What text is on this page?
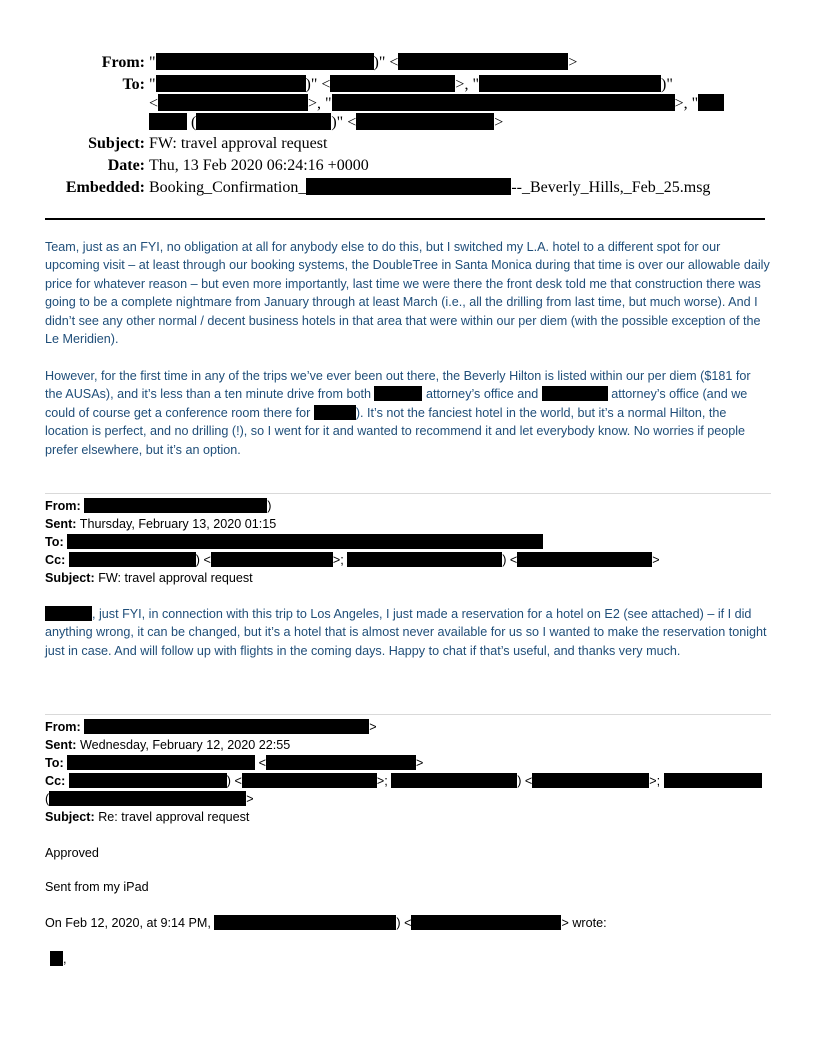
From: "	)" <	>
To: "	)" <	>, "	)"
<	>, "	>, "
(	)" <	>
Subject: FW: travel approval request
Date: Thu, 13 Feb 2020 06:24:16 +0000
Embedded: Booking_Confirmation_	--_Beverly_Hills,_Feb_25.msg
Team, just as an FYI, no obligation at all for anybody else to do this, but I switched my L.A. hotel to a different spot for our upcoming visit – at least through our booking systems, the DoubleTree in Santa Monica during that time is over our allowable daily price for whatever reason – but even more importantly, last time we were there the front desk told me that construction there was going to be a complete nightmare from January through at least March (i.e., all the drilling from last time, but much worse). And I didn’t see any other normal / decent business hotels in that area that were within our per diem (with the possible exception of the Le Meridien).
However, for the first time in any of the trips we’ve ever been out there, the Beverly Hilton is listed within our per diem ($181 for the AUSAs), and it’s less than a ten minute drive from both	attorney’s office and	attorney’s office (and we could of course get a conference room there for	). It’s not the fanciest hotel in the world, but it’s a normal Hilton, the location is perfect, and no drilling (!), so I went for it and wanted to recommend it and let everybody know. No worries if people prefer elsewhere, but it’s an option.
From:	)
Sent: Thursday, February 13, 2020 01:15
To:
Cc:	) <	>;	) <	>
Subject: FW: travel approval request
, just FYI, in connection with this trip to Los Angeles, I just made a reservation for a hotel on E2 (see attached) – if I did anything wrong, it can be changed, but it’s a hotel that is almost never available for us so I wanted to make the reservation tonight just in case. And will follow up with flights in the coming days. Happy to chat if that’s useful, and thanks very much.
From:	>
Sent: Wednesday, February 12, 2020 22:55
To:	<	>
Cc:	) <	>;	) <	>;
(	>
Subject: Re: travel approval request
Approved
Sent from my iPad
On Feb 12, 2020, at 9:14 PM,	) <	> wrote:
,
